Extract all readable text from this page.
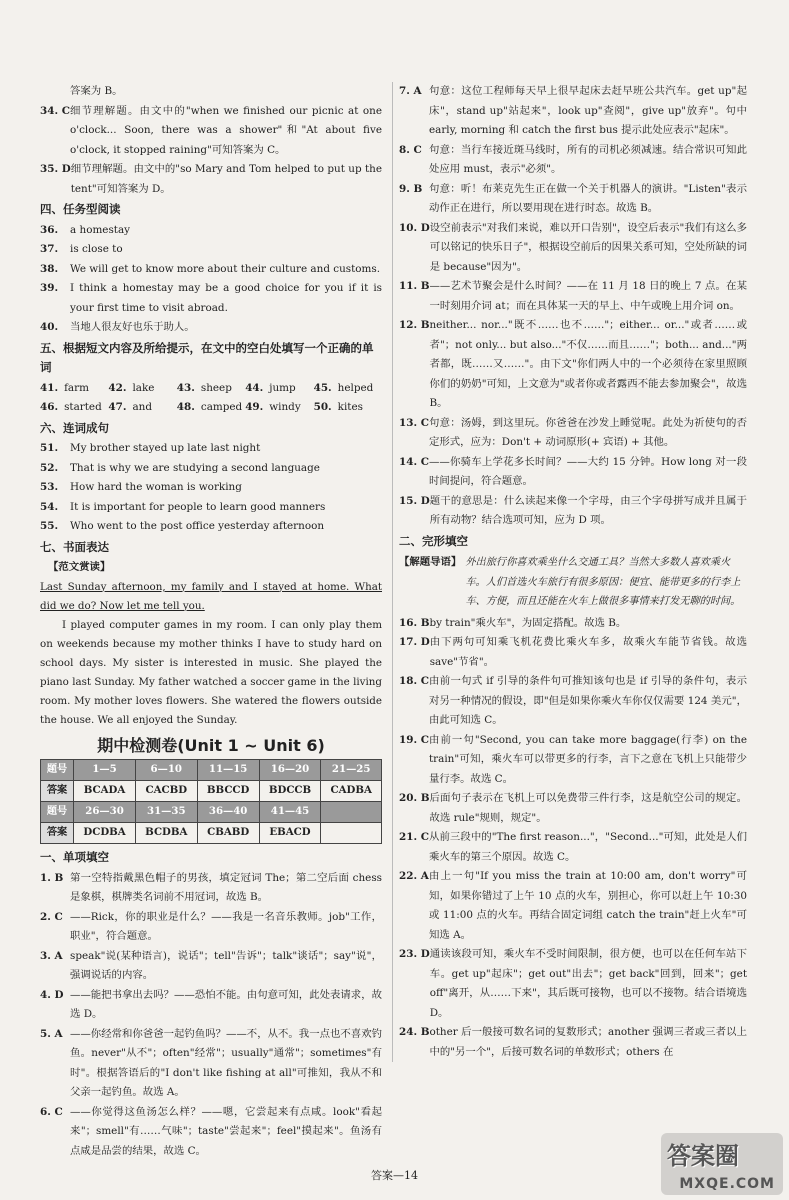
答案为 B。
34. C 细节理解题。由文中的"when we finished our picnic at one o'clock... Soon, there was a shower"和"At about five o'clock, it stopped raining"可知答案为 C。
35. D 细节理解题。由文中的"so Mary and Tom helped to put up the tent"可知答案为 D。
四、任务型阅读
36.	a homestay
37.	is close to
38.	We will get to know more about their culture and customs.
39.	I think a homestay may be a good choice for you if it is your first time to visit abroad.
40.	当地人很友好也乐于助人。
五、根据短文内容及所给提示，在文中的空白处填写一个正确的单词
41. farm	42. lake	43. sheep	44. jump	45. helped
46. started 47. and	48. camped 49. windy	50. kites
六、连词成句
51.	My brother stayed up late last night
52.	That is why we are studying a second language
53.	How hard the woman is working
54.	It is important for people to learn good manners
55.	Who went to the post office yesterday afternoon
七、书面表达
【范文赏读】
Last Sunday afternoon, my family and I stayed at home. What did we do? Now let me tell you.
I played computer games in my room. I can only play them on weekends because my mother thinks I have to study hard on school days. My sister is interested in music. She played the piano last Sunday. My father watched a soccer game in the living room. My mother loves flowers. She watered the flowers outside the house. We all enjoyed the Sunday.
期中检测卷(Unit 1 ~ Unit 6)
题号	1—5	6—10	11—15	16—20	21—25
答案	BCADA	CACBD	BBCCD	BDCCB	CADBA
题号	26—30	31—35	36—40	41—45	
答案	DCDBA	BCDBA	CBABD	EBACD	
一、单项填空
1. B 第一空特指戴黑色帽子的男孩，填定冠词 The；第二空后面 chess 是象棋，棋牌类名词前不用冠词，故选 B。
2. C ——Rick，你的职业是什么？——我是一名音乐教师。job"工作，职业"，符合题意。
3. A speak"说(某种语言)，说话"；tell"告诉"；talk"谈话"；say"说"，强调说话的内容。
4. D ——能把书拿出去吗？——恐怕不能。由句意可知，此处表请求，故选 D。
5. A ——你经常和你爸爸一起钓鱼吗？——不，从不。我一点也不喜欢钓鱼。never"从不"；often"经常"；usually"通常"；sometimes"有时"。根据答语后的"I don't like fishing at all"可推知，我从不和父亲一起钓鱼。故选 A。
6. C ——你觉得这鱼汤怎么样？——嗯，它尝起来有点咸。look"看起来"；smell"有……气味"；taste"尝起来"；feel"摸起来"。鱼汤有点咸是品尝的结果，故选 C。
7. A 句意：这位工程师每天早上很早起床去赶早班公共汽车。get up"起床"，stand up"站起来"，look up"查阅"，give up"放弃"。句中 early, morning 和 catch the first bus 提示此处应表示"起床"。
8. C 句意：当行车接近斑马线时，所有的司机必须减速。结合常识可知此处应用 must，表示"必须"。
9. B 句意：听！布莱克先生正在做一个关于机器人的演讲。"Listen"表示动作正在进行，所以要用现在进行时态。故选 B。
10. D 设空前表示"对我们来说，难以开口告别"，设空后表示"我们有这么多可以铭记的快乐日子"，根据设空前后的因果关系可知，空处所缺的词是 because"因为"。
11. B ——艺术节聚会是什么时间？——在 11 月 18 日的晚上 7 点。在某一时刻用介词 at；而在具体某一天的早上、中午或晚上用介词 on。
12. B neither... nor..."既不……也不……"；either... or..."或者……或者"；not only... but also..."不仅……而且……"；both... and..."两者都，既……又……"。由下文"你们两人中的一个必须待在家里照顾你们的奶奶"可知，上文意为"或者你或者露西不能去参加聚会"，故选 B。
13. C 句意：汤姆，到这里玩。你爸爸在沙发上睡觉呢。此处为祈使句的否定形式，应为：Don't + 动词原形(+ 宾语) + 其他。
14. C ——你骑车上学花多长时间？——大约 15 分钟。How long 对一段时间提问，符合题意。
15. D 题干的意思是：什么读起来像一个字母，由三个字母拼写成并且属于所有动物？结合选项可知，应为 D 项。
二、完形填空
【解题导语】 外出旅行你喜欢乘坐什么交通工具？当然大多数人喜欢乘火车。人们首选火车旅行有很多原因：便宜、能带更多的行李上车、方便，而且还能在火车上做很多事情来打发无聊的时间。
16. B by train"乘火车"，为固定搭配。故选 B。
17. D 由下两句可知乘飞机花费比乘火车多，故乘火车能节省钱。故选 save"节省"。
18. C 由前一句式 if 引导的条件句可推知该句也是 if 引导的条件句，表示对另一种情况的假设，即"但是如果你乘火车你仅仅需要 124 美元"，由此可知选 C。
19. C 由前一句"Second, you can take more baggage(行李) on the train"可知，乘火车可以带更多的行李，言下之意在飞机上只能带少量行李。故选 C。
20. B 后面句子表示在飞机上可以免费带三件行李，这是航空公司的规定。故选 rule"规则，规定"。
21. C 从前三段中的"The first reason..."，"Second..."可知，此处是人们乘火车的第三个原因。故选 C。
22. A 由上一句"If you miss the train at 10:00 am, don't worry"可知，如果你错过了上午 10 点的火车，别担心，你可以赶上午 10:30 或 11:00 点的火车。再结合固定词组 catch the train"赶上火车"可知选 A。
23. D 通读该段可知，乘火车不受时间限制，很方便，也可以在任何车站下车。get up"起床"；get out"出去"；get back"回到，回来"；get off"离开，从……下来"，其后既可接物，也可以不接物。结合语境选 D。
24. B other 后一般接可数名词的复数形式；another 强调三者或三者以上中的"另一个"，后接可数名词的单数形式；others 在
答案—14
答案圈
MXQE.COM
